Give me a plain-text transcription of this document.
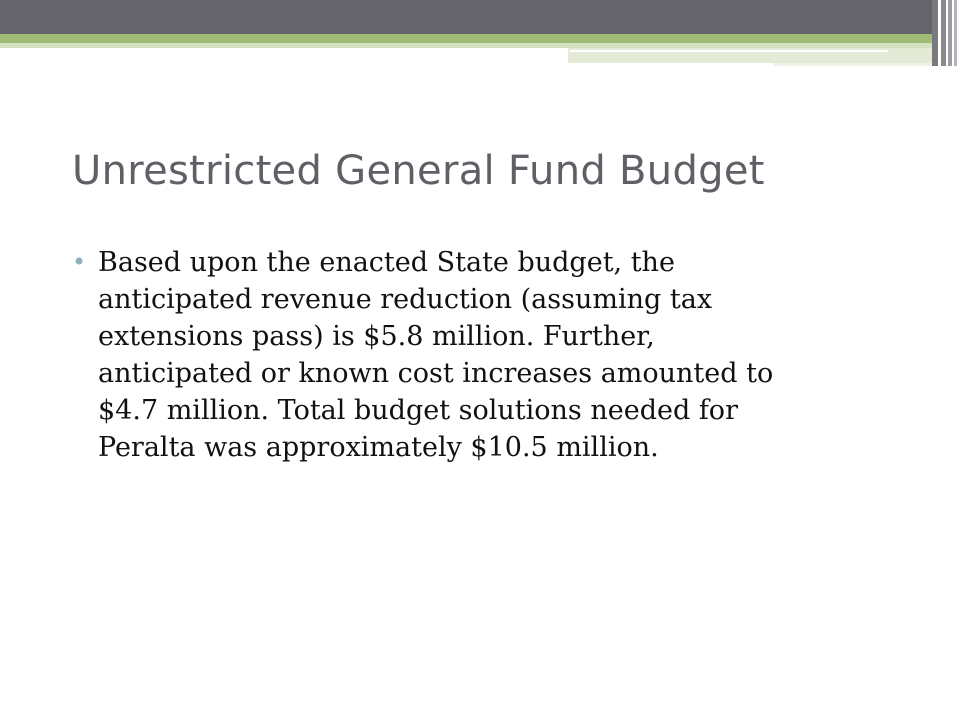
Unrestricted General Fund Budget
• Based upon the enacted State budget, the
anticipated revenue reduction (assuming tax
extensions pass) is $5.8 million. Further,
anticipated or known cost increases amounted to
$4.7 million. Total budget solutions needed for
Peralta was approximately $10.5 million.
